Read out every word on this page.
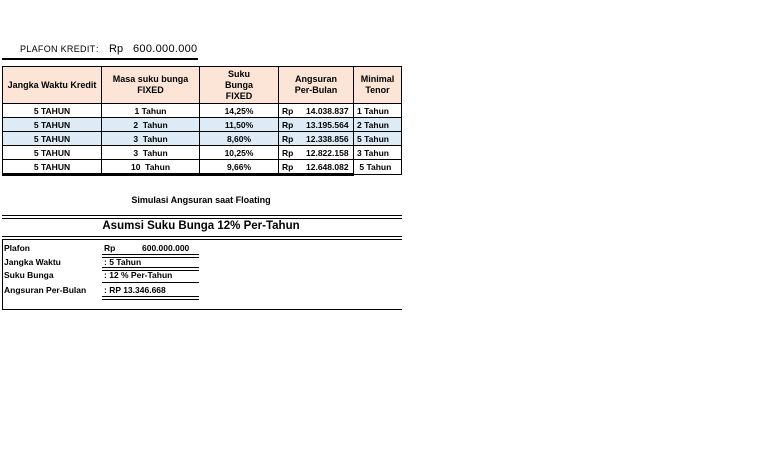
PLAFON KREDIT : Rp 600.000.000
Jangka Waktu Kredit	Masa suku bunga FIXED	Suku Bunga FIXED	Angsuran Per-Bulan	Minimal Tenor

5 TAHUN	1 Tahun	14,25%	Rp 14.038.837	1 Tahun
5 TAHUN	2  Tahun	11,50%	Rp 13.195.564	2 Tahun
5 TAHUN	3  Tahun	8,60%	Rp 12.338.856	5 Tahun
5 TAHUN	3  Tahun	10,25%	Rp 12.822.158	3 Tahun
5 TAHUN	10  Tahun	9,66%	Rp 12.648.082	5 Tahun
Simulasi Angsuran saat Floating
Asumsi Suku Bunga 12% Per-Tahun
Plafon	Rp	600.000.000
Jangka Waktu	: 5 Tahun
Suku Bunga	: 12 % Per-Tahun
Angsuran Per-Bulan : RP 13.346.668
